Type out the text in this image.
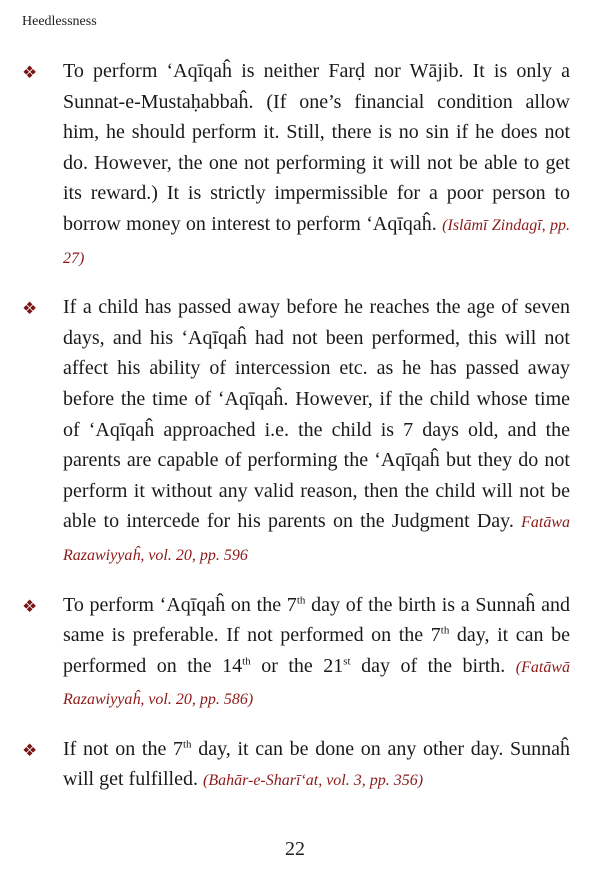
Heedlessness
❖ To perform ‘Aqīqaĥ is neither Farḍ nor Wājib. It is only a Sunnat-e-Mustaḥabbaĥ. (If one’s financial condition allow him, he should perform it. Still, there is no sin if he does not do. However, the one not performing it will not be able to get its reward.) It is strictly impermissible for a poor person to borrow money on interest to perform ‘Aqīqaĥ. (Islāmī Zindagī, pp. 27)
❖ If a child has passed away before he reaches the age of seven days, and his ‘Aqīqaĥ had not been performed, this will not affect his ability of intercession etc. as he has passed away before the time of ‘Aqīqaĥ. However, if the child whose time of ‘Aqīqaĥ approached i.e. the child is 7 days old, and the parents are capable of performing the ‘Aqīqaĥ but they do not perform it without any valid reason, then the child will not be able to intercede for his parents on the Judgment Day. Fatāwa Razawiyyaĥ, vol. 20, pp. 596
❖ To perform ‘Aqīqaĥ on the 7th day of the birth is a Sunnaĥ and same is preferable. If not performed on the 7th day, it can be performed on the 14th or the 21st day of the birth. (Fatāwā Razawiyyaĥ, vol. 20, pp. 586)
❖ If not on the 7th day, it can be done on any other day. Sunnaĥ will get fulfilled. (Bahār-e-Sharī‘at, vol. 3, pp. 356)
22
